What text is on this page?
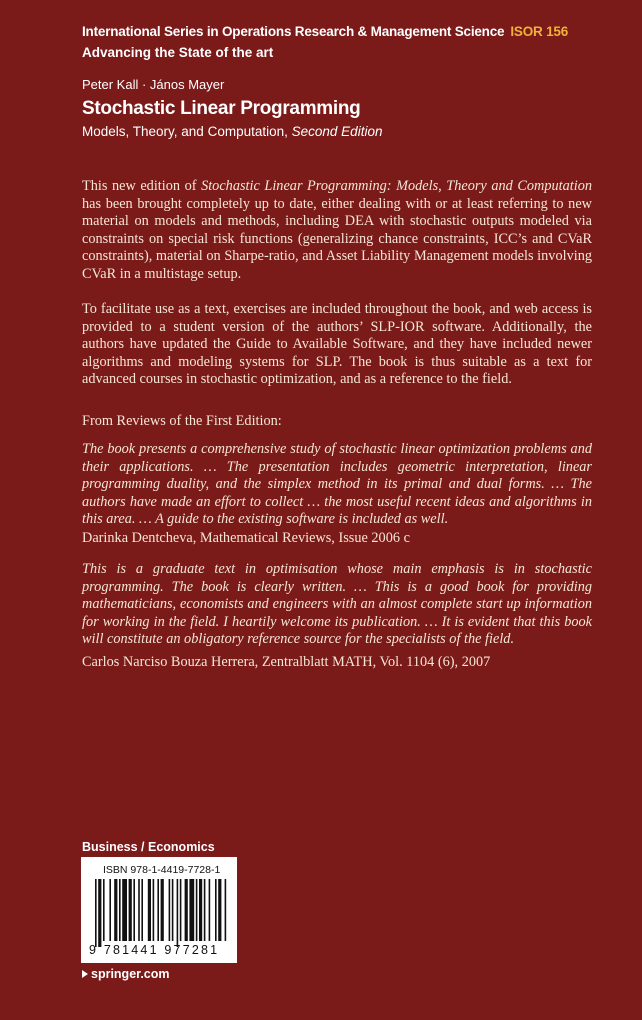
International Series in Operations Research & Management Science ISOR 156
Advancing the State of the art
Peter Kall · János Mayer
Stochastic Linear Programming
Models, Theory, and Computation, Second Edition

This new edition of Stochastic Linear Programming: Models, Theory and Computation has been brought completely up to date, either dealing with or at least referring to new material on models and methods, including DEA with stochastic outputs modeled via constraints on special risk functions (generalizing chance constraints, ICC’s and CVaR constraints), material on Sharpe-ratio, and Asset Liability Management models involving CVaR in a multistage setup.

To facilitate use as a text, exercises are included throughout the book, and web access is provided to a student version of the authors’ SLP-IOR software. Additionally, the authors have updated the Guide to Available Software, and they have included newer algorithms and modeling systems for SLP. The book is thus suitable as a text for advanced courses in stochastic optimization, and as a reference to the field.

From Reviews of the First Edition:

The book presents a comprehensive study of stochastic linear optimization problems and their applications. … The presentation includes geometric interpretation, linear programming duality, and the simplex method in its primal and dual forms. … The authors have made an effort to collect … the most useful recent ideas and algorithms in this area. … A guide to the existing software is included as well.

Darinka Dentcheva, Mathematical Reviews, Issue 2006 c

This is a graduate text in optimisation whose main emphasis is in stochastic programming. The book is clearly written. … This is a good book for providing mathematicians, economists and engineers with an almost complete start up information for working in the field. I heartily welcome its publication. … It is evident that this book will constitute an obligatory reference source for the specialists of the field.

Carlos Narciso Bouza Herrera, Zentralblatt MATH, Vol. 1104 (6), 2007

Business / Economics
ISBN 978-1-4419-7728-1
9 781441 977281
springer.com
